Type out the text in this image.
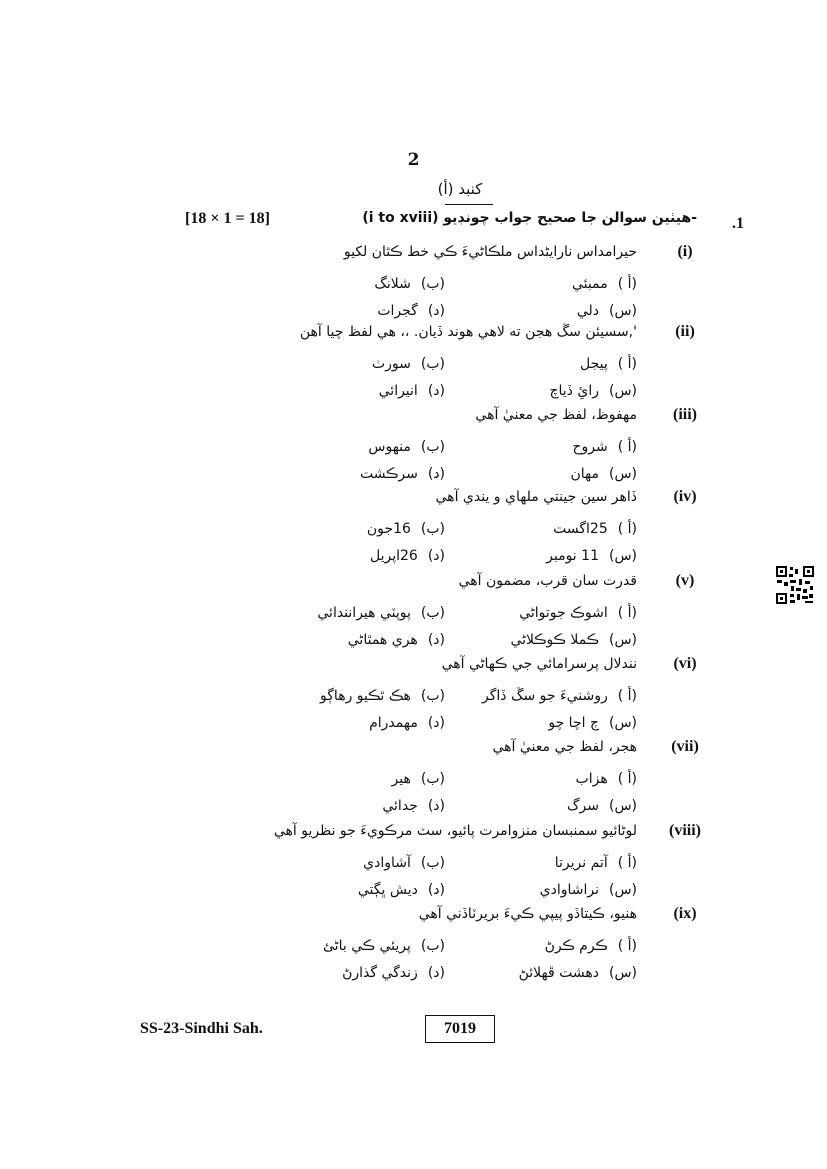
2
کنبد (أ)
.1
[18 × 1 = 18]	(i to xviii) هيٺين سوالن جا صحيح جواب چونڊيو-
(i)
حيرامداس نارايڻداس ملڪاڻيءَ ڪي خط ڪٿان لکيو
(أ )ممبئي
(ب)شلانگ
(س)دلي
(د)گجرات
(ii)
',سسيئن سڱ هجن ته لاهي هوند ڏيان. ،، هي لفظ چيا آهن
(أ )پيجل
(ب)سورٺ
(س)رائِ ڏياچ
(د)انيرائي
(iii)
مهفوظ، لفظ جي معنيٰ آهي
(أ )شروح
(ب)منهوس
(س)مهان
(د)سرڪشت
(iv)
ڏاهر سين جينتي ملهاي و يندي آهي
(أ )25اگست
(ب)16جون
(س)11 نومبر
(د)26اپريل
(v)
قدرت سان قرب، مضمون آهي
(أ )اشوڪ جوتواڻي
(ب)پوپٽي هيرانندائي
(س)ڪملا ڪوڪلاڻي
(د)هري همٿاڻي
(vi)
نندلال پرسرامائي جي ڪهاڻي آهي
(أ )روشنيءَ جو سڱ ڏاگر
(ب)هڪ ٿڪيو رهاڳو
(س)ڄ اچا چو
(د)مهمدرام
(vii)
هجر، لفظ جي معنيٰ آهي
(أ )هزاب
(ب)هير
(س)سرگ
(د)جدائي
(viii)
لوڻائيو سمنبسان منزوامرت پائيو، سٽ مرڪويءَ جو نظريو آهي
(أ )آتم نريرتا
(ب)آشاوادي
(س)نراشاوادي
(د)ديش ڀڳتي
(ix)
هنيو، ڪيتاڏو پيپي ڪيءَ بريرٽاڏني آهي
(أ )ڪرم ڪرڻ
(ب)پريئي ڪي باڻئ
(س)دهشت ڦهلائڻ
(د)زندگي گذارڻ
SS-23-Sindhi Sah.	7019
